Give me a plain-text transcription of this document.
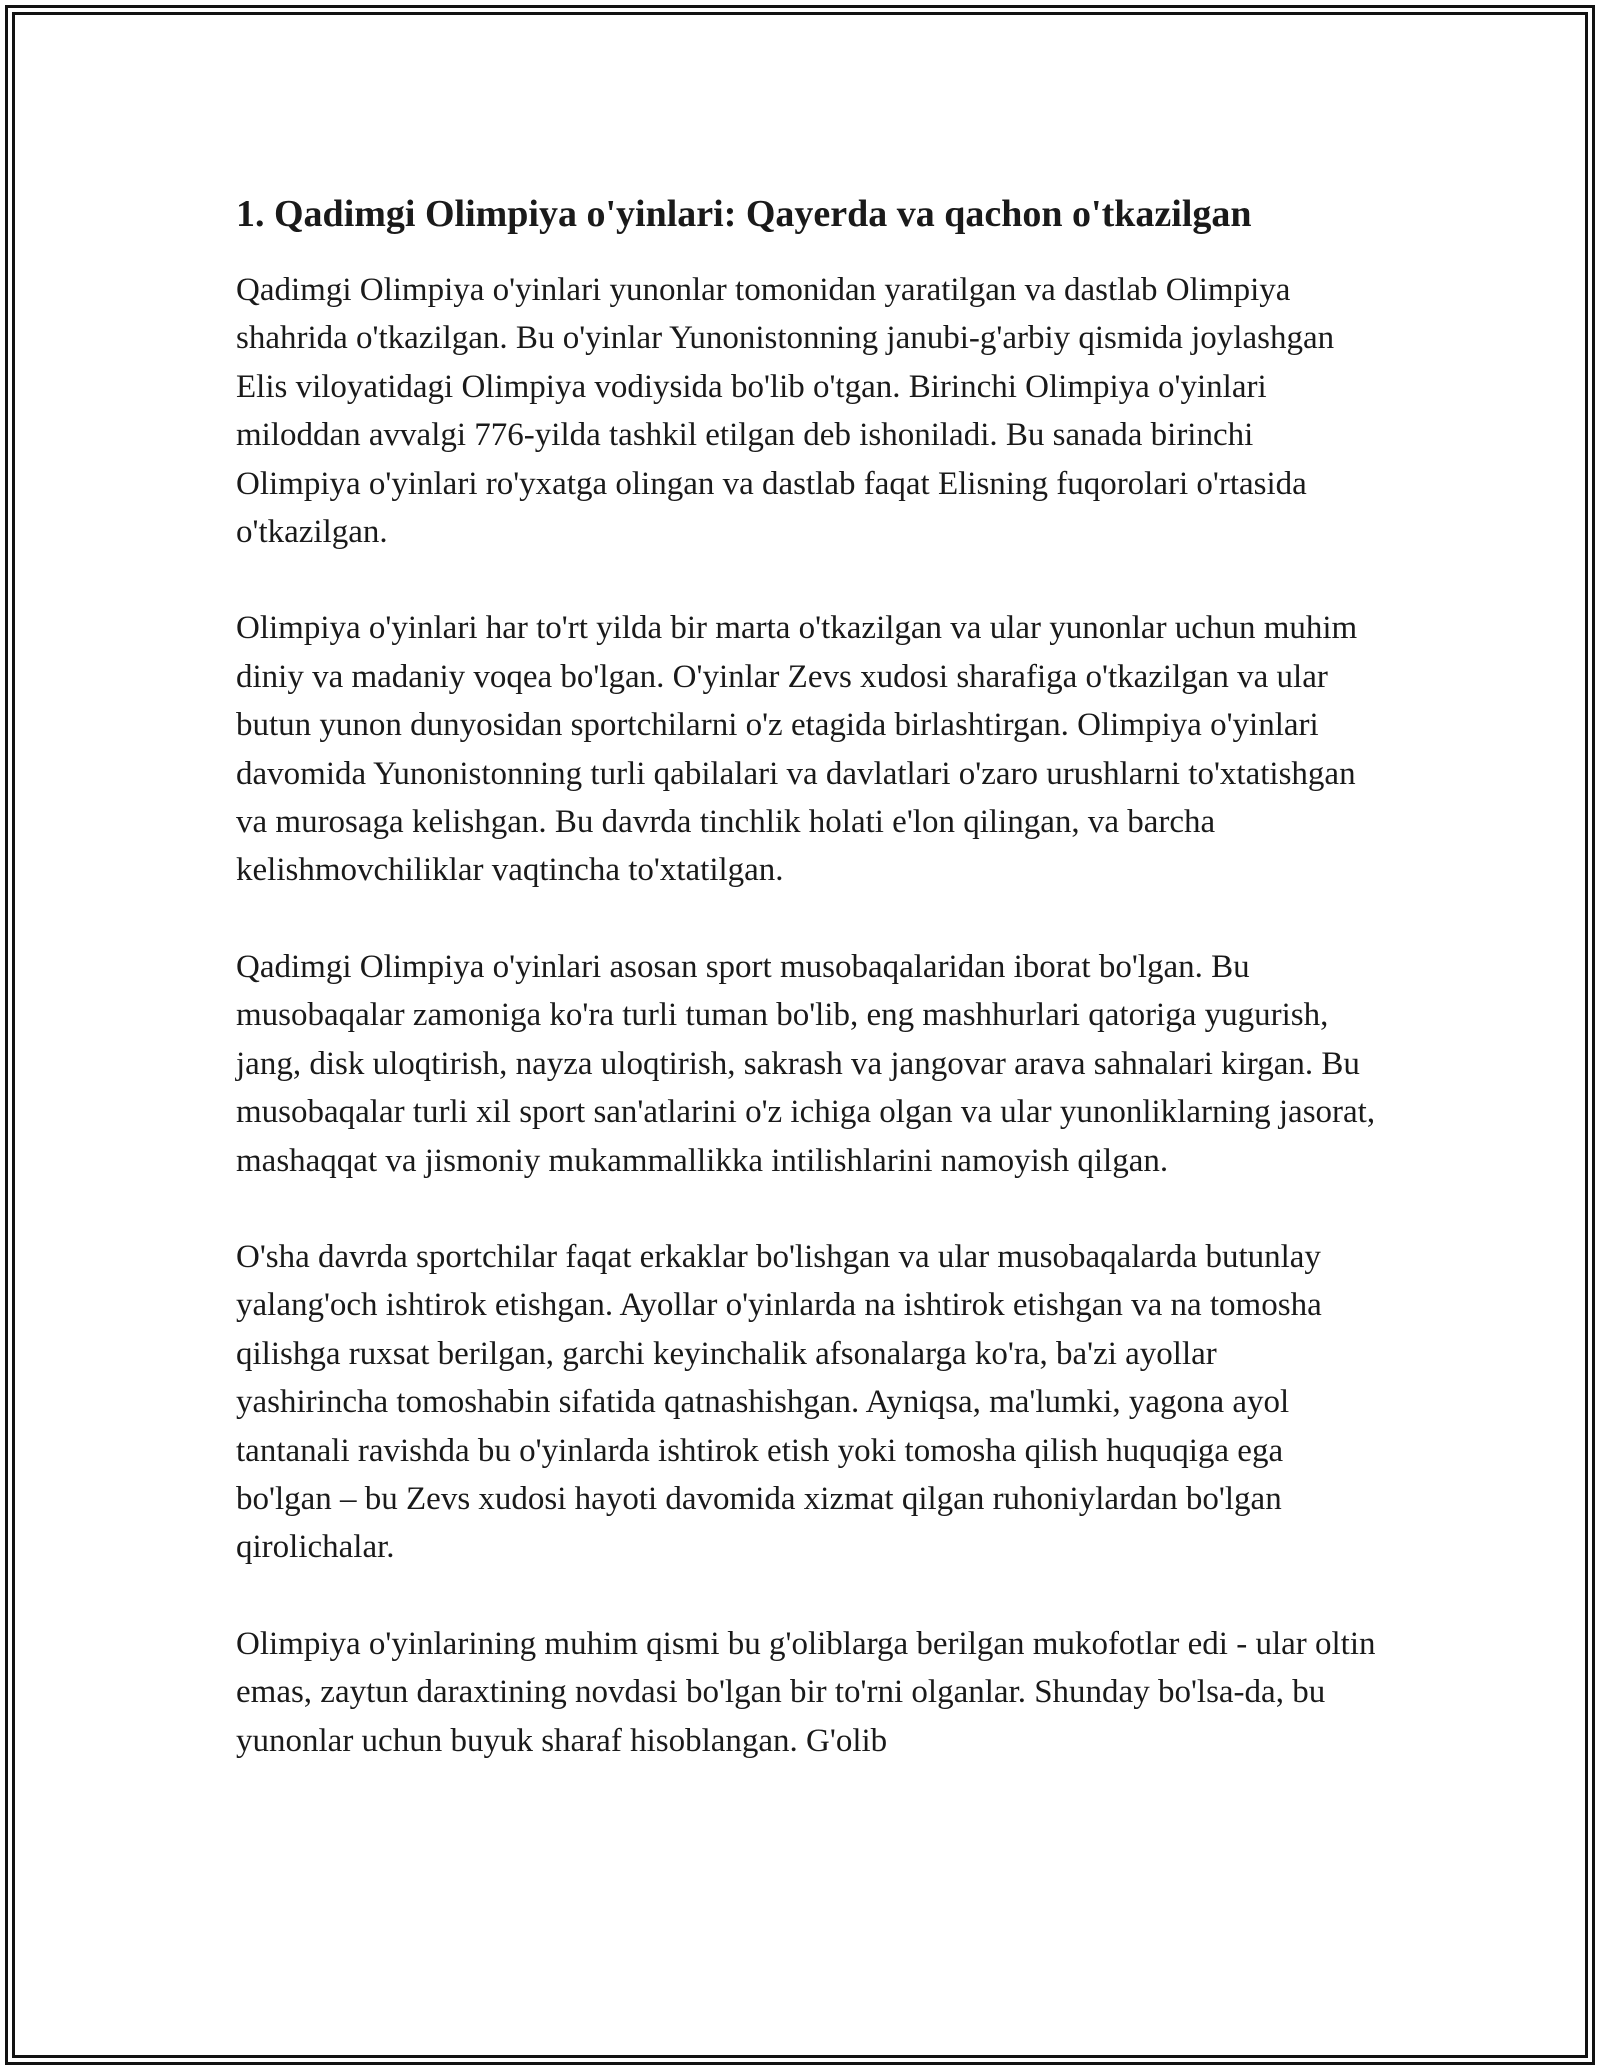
1. Qadimgi Olimpiya o'yinlari: Qayerda va qachon o'tkazilgan

Qadimgi Olimpiya o'yinlari yunonlar tomonidan yaratilgan va dastlab Olimpiya shahrida o'tkazilgan. Bu o'yinlar Yunonistonning janubi-g'arbiy qismida joylashgan Elis viloyatidagi Olimpiya vodiysida bo'lib o'tgan. Birinchi Olimpiya o'yinlari miloddan avvalgi 776-yilda tashkil etilgan deb ishoniladi. Bu sanada birinchi Olimpiya o'yinlari ro'yxatga olingan va dastlab faqat Elisning fuqorolari o'rtasida o'tkazilgan.

Olimpiya o'yinlari har to'rt yilda bir marta o'tkazilgan va ular yunonlar uchun muhim diniy va madaniy voqea bo'lgan. O'yinlar Zevs xudosi sharafiga o'tkazilgan va ular butun yunon dunyosidan sportchilarni o'z etagida birlashtirgan. Olimpiya o'yinlari davomida Yunonistonning turli qabilalari va davlatlari o'zaro urushlarni to'xtatishgan va murosaga kelishgan. Bu davrda tinchlik holati e'lon qilingan, va barcha kelishmovchiliklar vaqtincha to'xtatilgan.

Qadimgi Olimpiya o'yinlari asosan sport musobaqalaridan iborat bo'lgan. Bu musobaqalar zamoniga ko'ra turli tuman bo'lib, eng mashhurlari qatoriga yugurish, jang, disk uloqtirish, nayza uloqtirish, sakrash va jangovar arava sahnalari kirgan. Bu musobaqalar turli xil sport san'atlarini o'z ichiga olgan va ular yunonliklarning jasorat, mashaqqat va jismoniy mukammallikka intilishlarini namoyish qilgan.

O'sha davrda sportchilar faqat erkaklar bo'lishgan va ular musobaqalarda butunlay yalang'och ishtirok etishgan. Ayollar o'yinlarda na ishtirok etishgan va na tomosha qilishga ruxsat berilgan, garchi keyinchalik afsonalarga ko'ra, ba'zi ayollar yashirincha tomoshabin sifatida qatnashishgan. Ayniqsa, ma'lumki, yagona ayol tantanali ravishda bu o'yinlarda ishtirok etish yoki tomosha qilish huquqiga ega bo'lgan – bu Zevs xudosi hayoti davomida xizmat qilgan ruhoniylardan bo'lgan qirolichalar.

Olimpiya o'yinlarining muhim qismi bu g'oliblarga berilgan mukofotlar edi - ular oltin emas, zaytun daraxtining novdasi bo'lgan bir to'rni olganlar. Shunday bo'lsa-da, bu yunonlar uchun buyuk sharaf hisoblangan. G'olib
